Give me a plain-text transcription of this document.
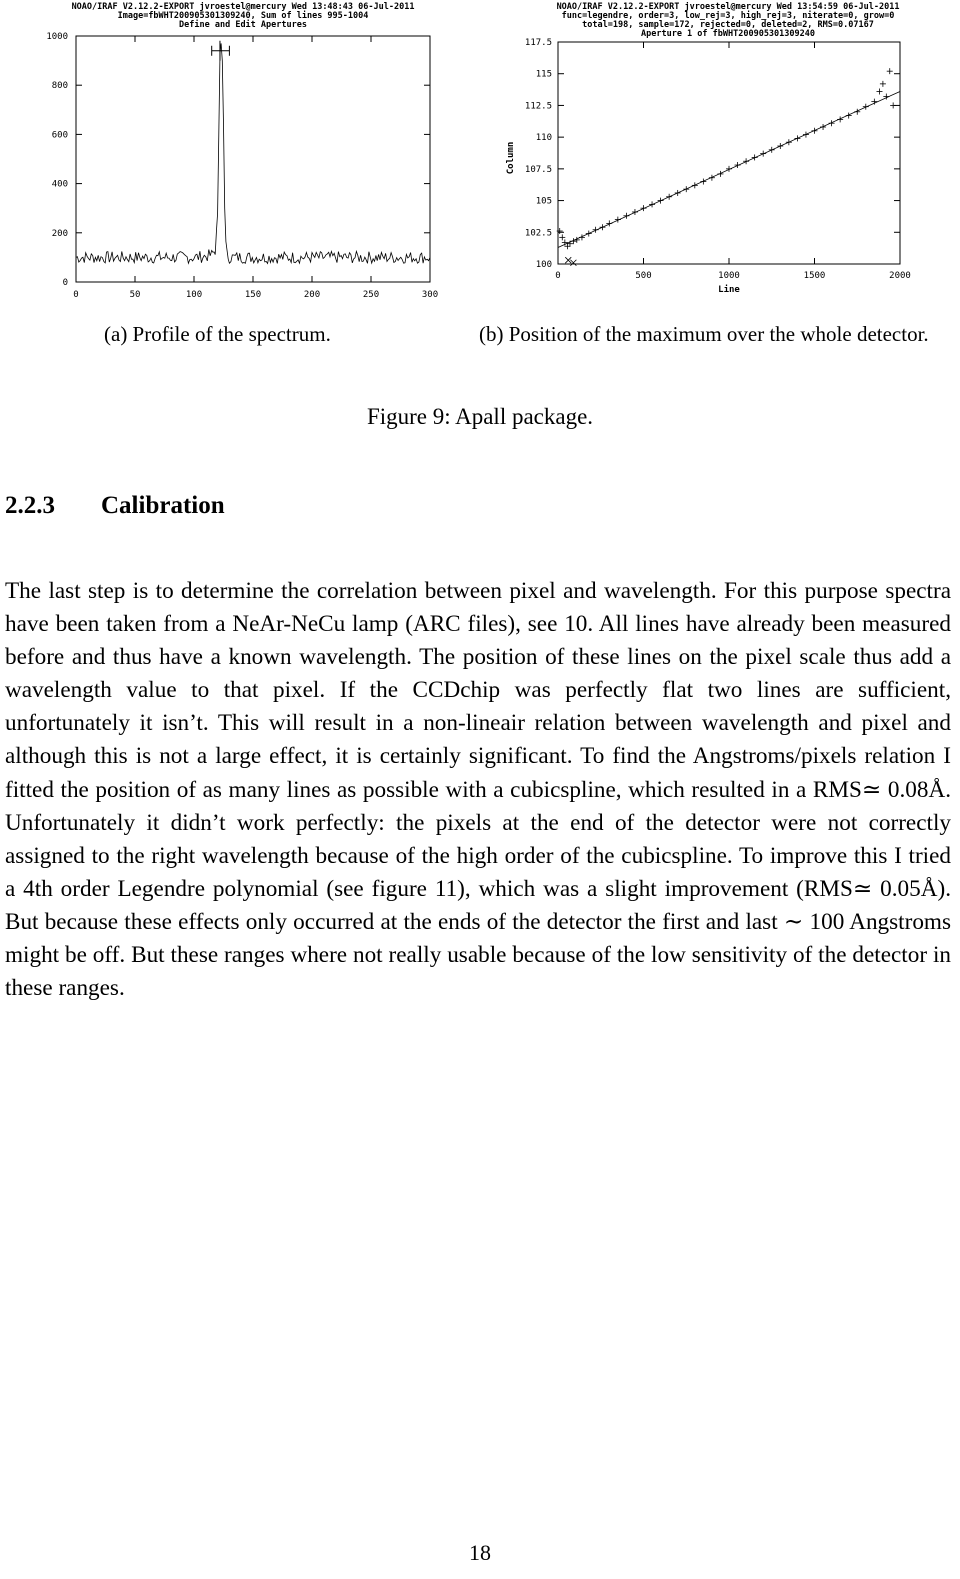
NOAO/IRAF V2.12.2-EXPORT jvroestel@mercury Wed 13:48:43 06-Jul-2011
Image=fbWHT200905301309240, Sum of lines 995-1004
Define and Edit Apertures
0
200
400
600
800
1000
0	50	100	150	200	250	300
NOAO/IRAF V2.12.2-EXPORT jvroestel@mercury Wed 13:54:59 06-Jul-2011
func=legendre, order=3, low_rej=3, high_rej=3, niterate=0, grow=0
total=198, sample=172, rejected=0, deleted=2, RMS=0.07167
Aperture 1 of fbWHT200905301309240
100
102.5
105
107.5
110
112.5
115
117.5
0	500	1000	1500	2000
Line
Column
(a) Profile of the spectrum.	(b) Position of the maximum over the whole detector.
Figure 9: Apall package.
2.2.3 Calibration
The last step is to determine the correlation between pixel and wavelength. For this purpose spectra have been taken from a NeAr-NeCu lamp (ARC files), see 10. All lines have already been measured before and thus have a known wavelength. The position of these lines on the pixel scale thus add a wavelength value to that pixel. If the CCDchip was perfectly flat two lines are sufficient, unfortunately it isn’t. This will result in a non-lineair relation between wavelength and pixel and although this is not a large effect, it is certainly significant. To find the Angstroms/pixels relation I fitted the position of as many lines as possible with a cubicspline, which resulted in a RMS≃ 0.08Å. Unfortunately it didn’t work perfectly: the pixels at the end of the detector were not correctly assigned to the right wavelength because of the high order of the cubicspline. To improve this I tried a 4th order Legendre polynomial (see figure 11), which was a slight improvement (RMS≃ 0.05Å). But because these effects only occurred at the ends of the detector the first and last ∼ 100 Angstroms might be off. But these ranges where not really usable because of the low sensitivity of the detector in these ranges.
18
